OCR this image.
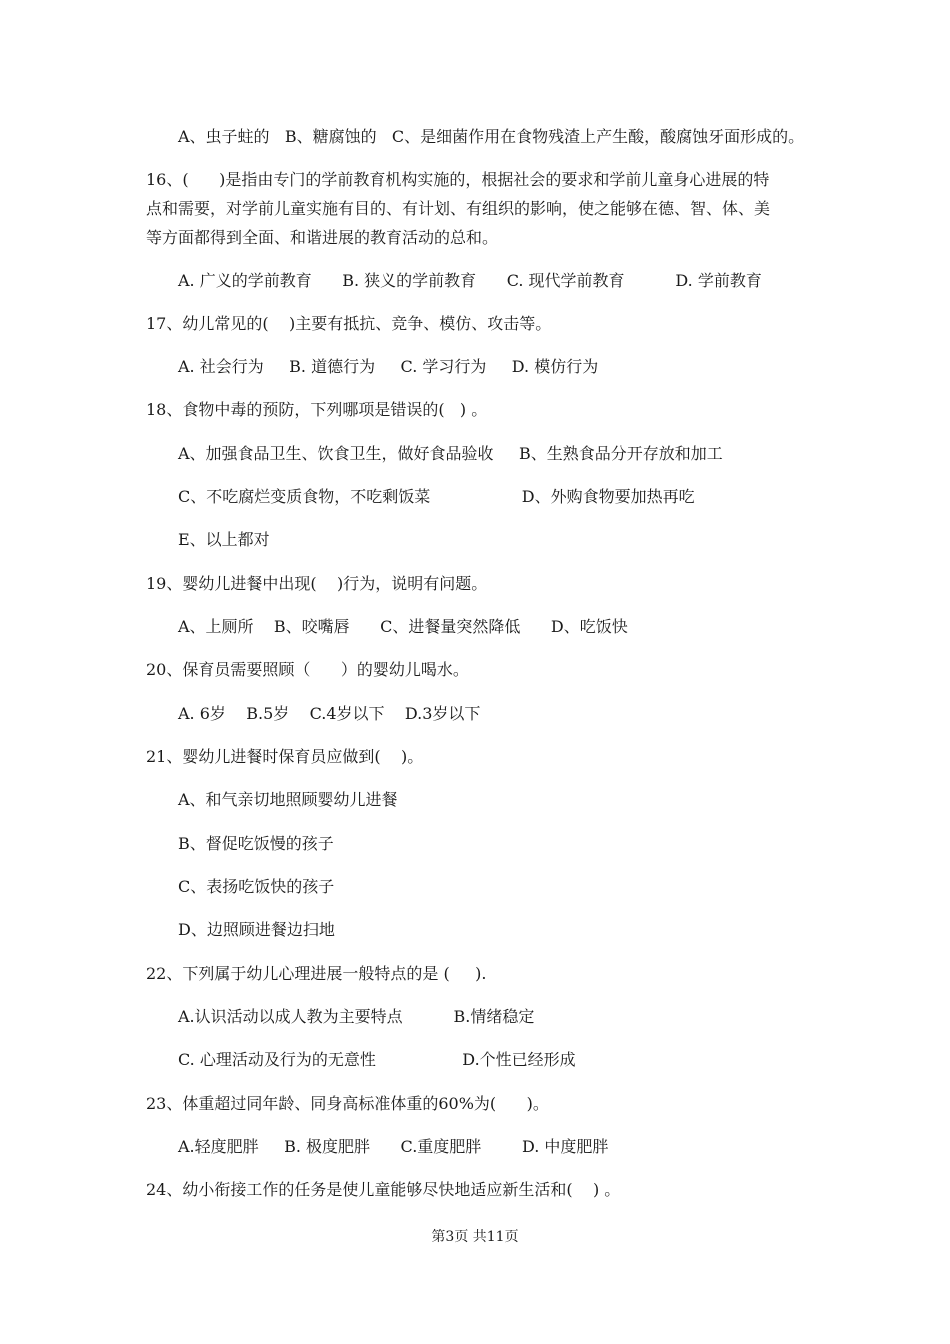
A、虫子蛀的   B、糖腐蚀的   C、是细菌作用在食物残渣上产生酸，酸腐蚀牙面形成的。
16、(      )是指由专门的学前教育机构实施的，根据社会的要求和学前儿童身心进展的特
点和需要，对学前儿童实施有目的、有计划、有组织的影响，使之能够在德、智、体、美
等方面都得到全面、和谐进展的教育活动的总和。
A. 广义的学前教育      B. 狭义的学前教育      C. 现代学前教育          D. 学前教育
17、幼儿常见的(    )主要有抵抗、竞争、模仿、攻击等。
A. 社会行为     B. 道德行为     C. 学习行为     D. 模仿行为
18、食物中毒的预防，下列哪项是错误的(   ) 。
A、加强食品卫生、饮食卫生，做好食品验收     B、生熟食品分开存放和加工
C、不吃腐烂变质食物，不吃剩饭菜                  D、外购食物要加热再吃
E、以上都对
19、婴幼儿进餐中出现(    )行为，说明有问题。
A、上厕所    B、咬嘴唇      C、进餐量突然降低      D、吃饭快
20、保育员需要照顾（      ）的婴幼儿喝水。
A. 6岁    B.5岁    C.4岁以下    D.3岁以下
21、婴幼儿进餐时保育员应做到(    )。
A、和气亲切地照顾婴幼儿进餐
B、督促吃饭慢的孩子
C、表扬吃饭快的孩子
D、边照顾进餐边扫地
22、下列属于幼儿心理进展一般特点的是 (     ).
A.认识活动以成人教为主要特点          B.情绪稳定
C. 心理活动及行为的无意性                 D.个性已经形成
23、体重超过同年龄、同身高标准体重的60%为(      )。
A.轻度肥胖     B. 极度肥胖      C.重度肥胖        D. 中度肥胖
24、幼小衔接工作的任务是使儿童能够尽快地适应新生活和(    ) 。
第3页 共11页
